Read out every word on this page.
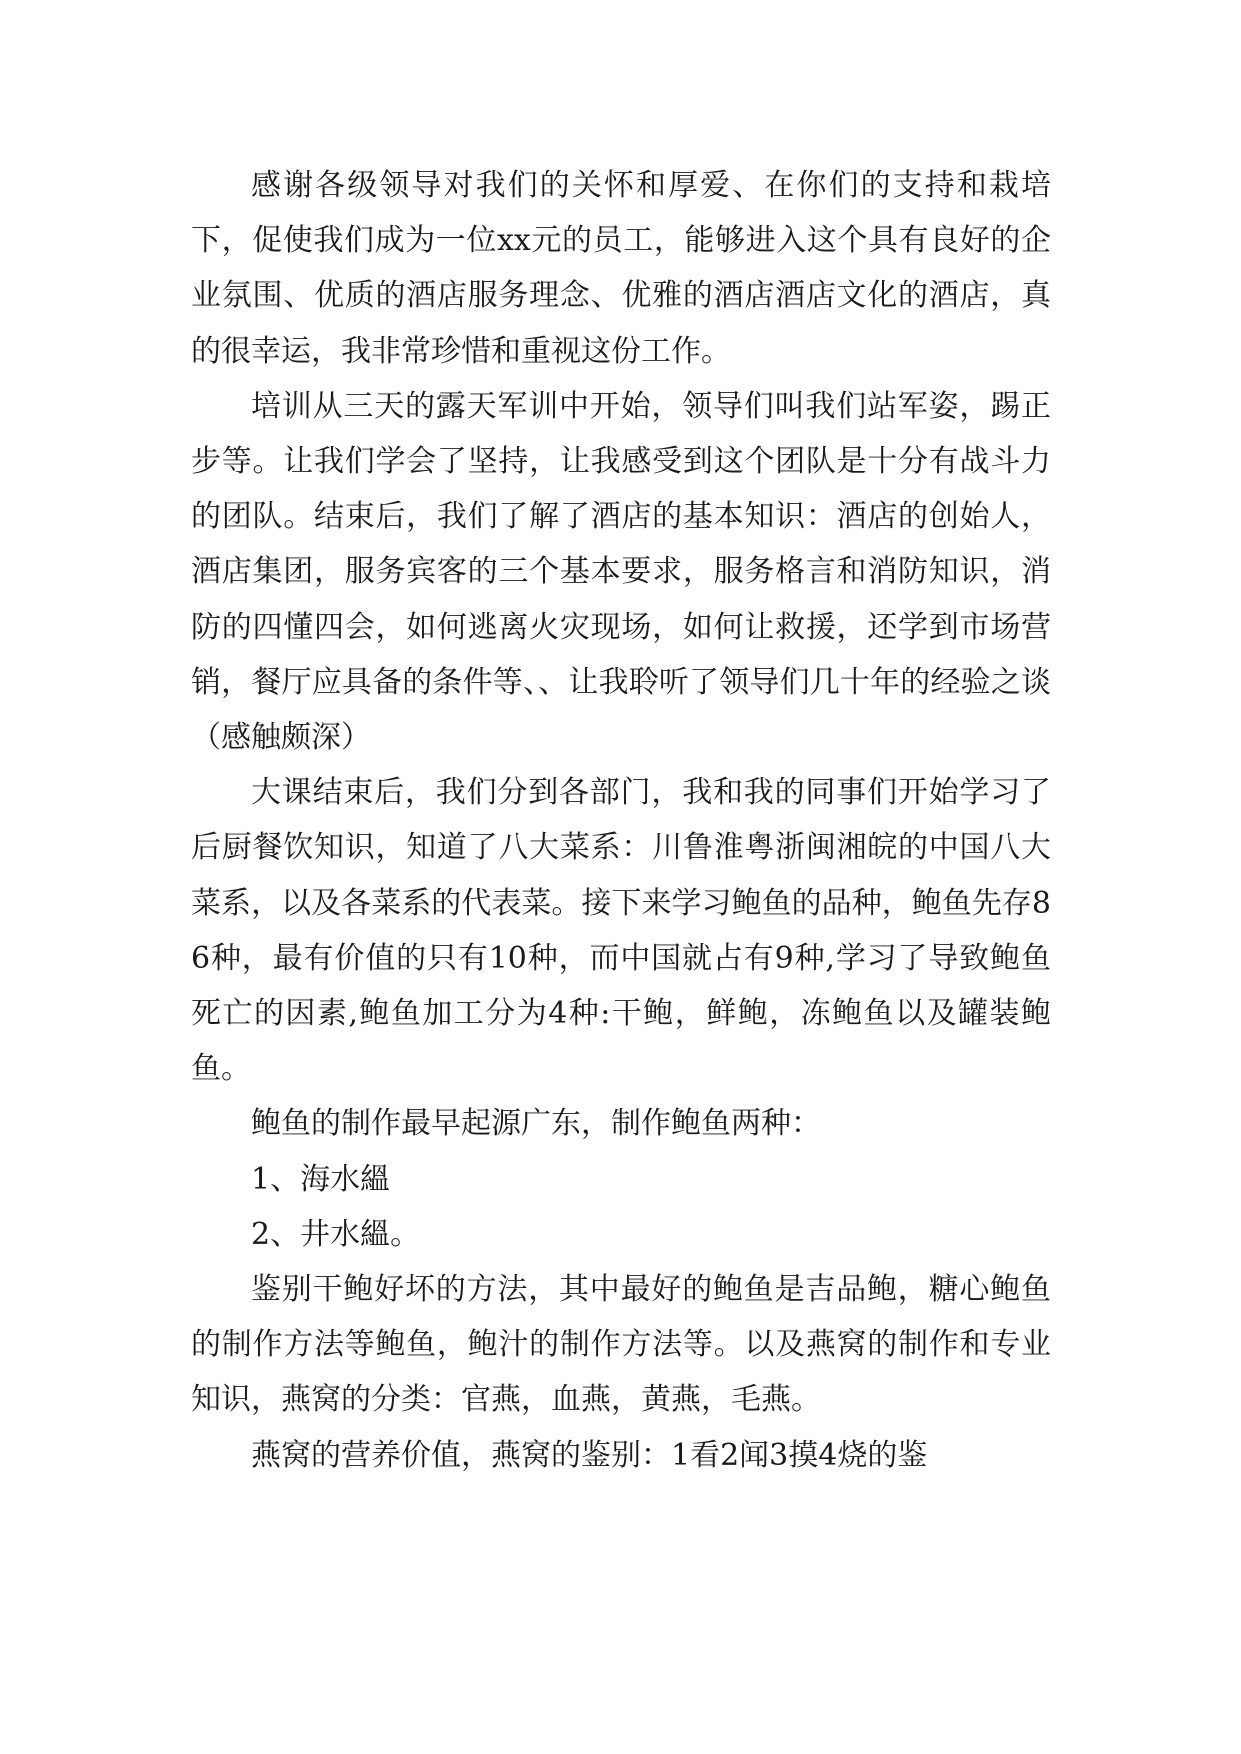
感谢各级领导对我们的关怀和厚爱、在你们的支持和栽培下，促使我们成为一位xx元的员工，能够进入这个具有良好的企业氛围、优质的酒店服务理念、优雅的酒店酒店文化的酒店，真的很幸运，我非常珍惜和重视这份工作。

培训从三天的露天军训中开始，领导们叫我们站军姿，踢正步等。让我们学会了坚持，让我感受到这个团队是十分有战斗力的团队。结束后，我们了解了酒店的基本知识：酒店的创始人，酒店集团，服务宾客的三个基本要求，服务格言和消防知识，消防的四懂四会，如何逃离火灾现场，如何让救援，还学到市场营销，餐厅应具备的条件等、、让我聆听了领导们几十年的经验之谈（感触颇深）

大课结束后，我们分到各部门，我和我的同事们开始学习了后厨餐饮知识，知道了八大菜系：川鲁淮粤浙闽湘皖的中国八大菜系，以及各菜系的代表菜。接下来学习鲍鱼的品种，鲍鱼先存86种，最有价值的只有10种，而中国就占有9种,学习了导致鲍鱼死亡的因素,鲍鱼加工分为4种:干鲍，鲜鲍，冻鲍鱼以及罐装鲍鱼。

鲍鱼的制作最早起源广东，制作鲍鱼两种：

1、海水縕

2、井水縕。

鉴别干鲍好坏的方法，其中最好的鲍鱼是吉品鲍，糖心鲍鱼的制作方法等鲍鱼，鲍汁的制作方法等。以及燕窝的制作和专业知识，燕窝的分类：官燕，血燕，黄燕，毛燕。

燕窝的营养价值，燕窝的鉴别：1看2闻3摸4烧的鉴
